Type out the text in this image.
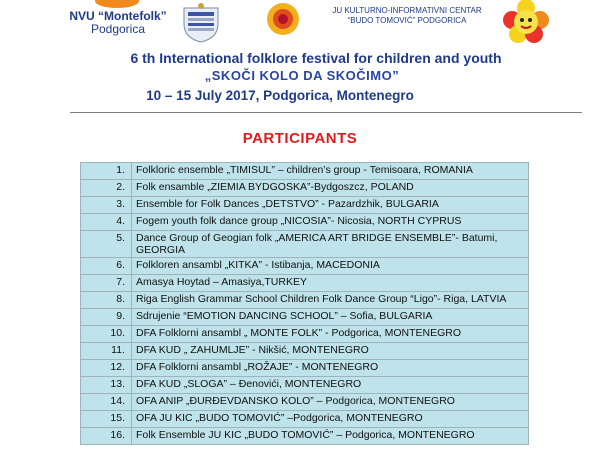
NVU “Montefolk”
Podgorica
JU KULTURNO-INFORMATIVNI CENTAR
“BUDO TOMOVIĆ” PODGORICA
6 th International folklore festival for children and youth
„SKOČI KOLO DA SKOČIMO”
10 – 15 July 2017, Podgorica, Montenegro
PARTICIPANTS
1.	Folkloric ensemble „TIMISUL” – children’s group - Temisoara, ROMANIA
2.	Folk ensamble „ZIEMIA BYDGOSKA”-Bydgoszcz, POLAND
3.	Ensemble for Folk Dances „DETSTVO” - Pazardzhik, BULGARIA
4.	Fogem youth folk dance group „NICOSIA”- Nicosia, NORTH CYPRUS
5.	Dance Group of Geogian folk „AMERICA ART BRIDGE ENSEMBLE”- Batumi, GEORGIA
6.	Folkloren ansambl „KITKA” - Istibanja, MACEDONIA
7.	Amasya Hoytad – Amasiya,TURKEY
8.	Riga English Grammar School Children Folk Dance Group “Ligo”- Riga, LATVIA
9.	Sdrujenie “EMOTION DANCING SCHOOL” – Sofia, BULGARIA
10.	DFA Folklorni ansambl „ MONTE FOLK” - Podgorica, MONTENEGRO
11.	DFA KUD „ ZAHUMLJE” - Nikšić, MONTENEGRO
12.	DFA Folklorni ansambl „ROŽAJE” - MONTENEGRO
13.	DFA KUD „SLOGA” – Đenovići, MONTENEGRO
14.	OFA ANIP „ĐURĐEVDANSKO KOLO” – Podgorica, MONTENEGRO
15.	OFA JU KIC „BUDO TOMOVIĆ” –Podgorica, MONTENEGRO
16.	Folk Ensemble JU KIC „BUDO TOMOVIĆ” – Podgorica, MONTENEGRO
